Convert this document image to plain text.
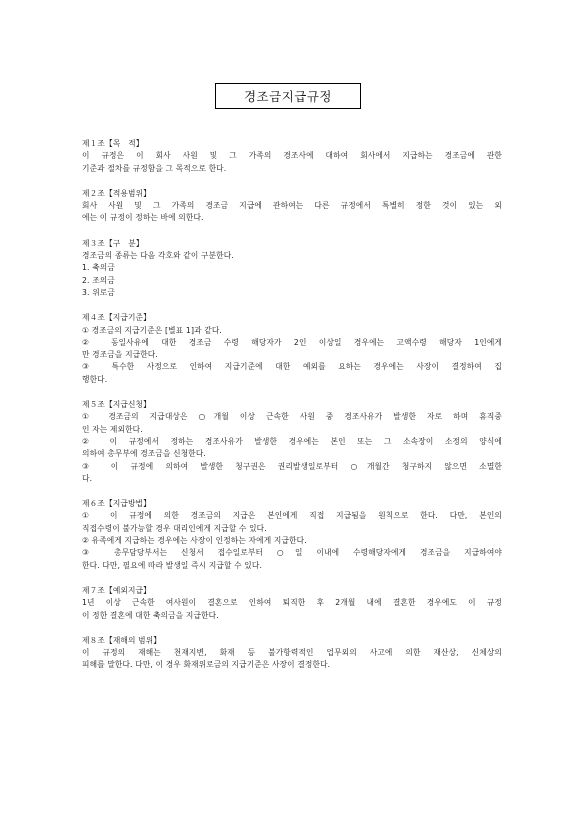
경조금지급규정
제１조【목　적】
이 규정은 이 회사 사원 및 그 가족의 경조사에 대하여 회사에서 지급하는 경조금에 관한
기준과 절차를 규정함을 그 목적으로 한다.
제２조【적용범위】
회사 사원 및 그 가족의 경조금 지급에 관하여는 다른 규정에서 특별히 정한 것이 있는 외
에는 이 규정이 정하는 바에 의한다.
제３조【구　분】
경조금의 종류는 다음 각호와 같이 구분한다.
1. 축의금
2. 조의금
3. 위로금
제４조【지급기준】
① 경조금의 지급기준은 [별표 1]과 같다.
② 동일사유에 대한 경조금 수령 해당자가 2인 이상일 경우에는 고액수령 해당자 1인에게
만 경조금을 지급한다.
③ 특수한 사정으로 인하여 지급기준에 대한 예외를 요하는 경우에는 사장이 결정하여 집
행한다.
제５조【지급신청】
① 경조금의 지급대상은 ○개월 이상 근속한 사원 중 경조사유가 발생한 자로 하며 휴직중
인 자는 제외한다.
② 이 규정에서 정하는 경조사유가 발생한 경우에는 본인 또는 그 소속장이 소정의 양식에
의하여 총무부에 경조금을 신청한다.
③ 이 규정에 의하여 발생한 청구권은 권리발생일로부터 ○개월간 청구하지 않으면 소멸한
다.
제６조【지급방법】
① 이 규정에 의한 경조금의 지급은 본인에게 직접 지급됨을 원칙으로 한다. 다만, 본인의
직접수령이 불가능할 경우 대리인에게 지급할 수 있다.
② 유족에게 지급하는 경우에는 사장이 인정하는 자에게 지급한다.
③ 총무담당부서는 신청서 접수일로부터 ○일 이내에 수령해당자에게 경조금을 지급하여야
한다. 다만, 필요에 따라 발생일 즉시 지급할 수 있다.
제７조【예외지급】
1년 이상 근속한 여사원이 결혼으로 인하여 퇴직한 후 2개월 내에 결혼한 경우에도 이 규정
이 정한 결혼에 대한 축의금을 지급한다.
제８조【재해의 범위】
이 규정의 재해는 천재지변, 화재 등 불가항력적인 업무외의 사고에 의한 재산상, 신체상의
피해를 말한다. 다만, 이 경우 화재위로금의 지급기준은 사장이 결정한다.
